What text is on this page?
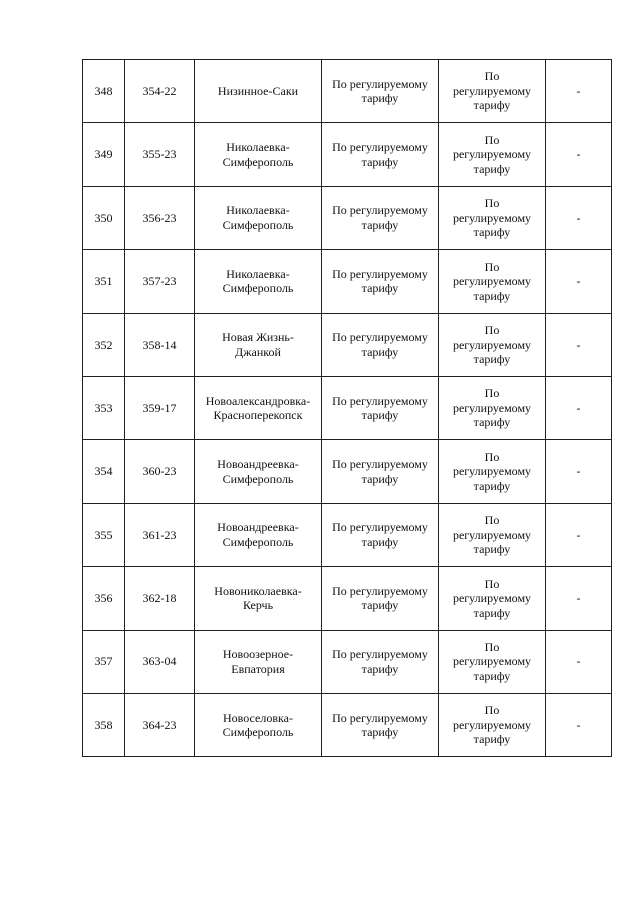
348	354-22	Низинное-Саки	По регулируемому
тарифу	По
регулируемому
тарифу	-
349	355-23	Николаевка-
Симферополь	По регулируемому
тарифу	По
регулируемому
тарифу	-
350	356-23	Николаевка-
Симферополь	По регулируемому
тарифу	По
регулируемому
тарифу	-
351	357-23	Николаевка-
Симферополь	По регулируемому
тарифу	По
регулируемому
тарифу	-
352	358-14	Новая Жизнь-
Джанкой	По регулируемому
тарифу	По
регулируемому
тарифу	-
353	359-17	Новоалександровка-
Красноперекопск	По регулируемому
тарифу	По
регулируемому
тарифу	-
354	360-23	Новоандреевка-
Симферополь	По регулируемому
тарифу	По
регулируемому
тарифу	-
355	361-23	Новоандреевка-
Симферополь	По регулируемому
тарифу	По
регулируемому
тарифу	-
356	362-18	Новониколаевка-
Керчь	По регулируемому
тарифу	По
регулируемому
тарифу	-
357	363-04	Новоозерное-
Евпатория	По регулируемому
тарифу	По
регулируемому
тарифу	-
358	364-23	Новоселовка-
Симферополь	По регулируемому
тарифу	По
регулируемому
тарифу	-
